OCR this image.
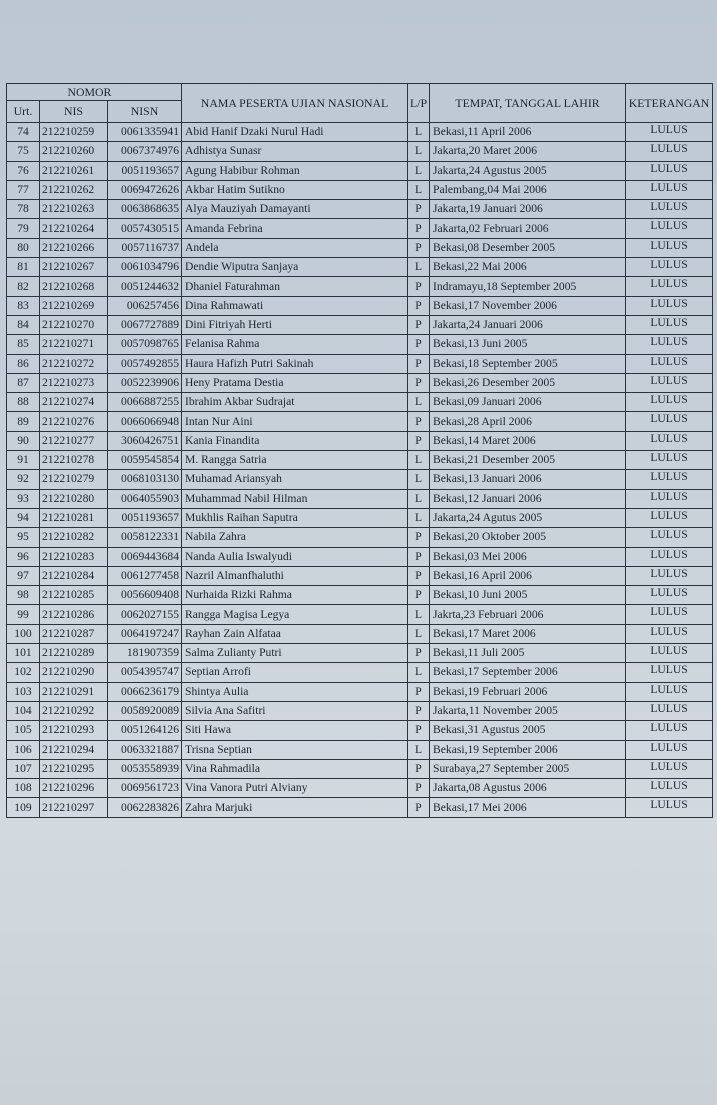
	NOMOR		NAMA PESERTA UJIAN NASIONAL	L/P	TEMPAT, TANGGAL LAHIR	KETERANGAN
Urt.	NIS	NISN				
74	212210259	0061335941	Abid Hanif Dzaki Nurul Hadi	L	Bekasi,11 April 2006	LULUS
75	212210260	0067374976	Adhistya Sunasr	L	Jakarta,20 Maret 2006	LULUS
76	212210261	0051193657	Agung Habibur Rohman	L	Jakarta,24 Agustus 2005	LULUS
77	212210262	0069472626	Akbar Hatim Sutikno	L	Palembang,04 Mai 2006	LULUS
78	212210263	0063868635	Alya Mauziyah Damayanti	P	Jakarta,19 Januari 2006	LULUS
79	212210264	0057430515	Amanda Febrina	P	Jakarta,02 Februari 2006	LULUS
80	212210266	0057116737	Andela	P	Bekasi,08 Desember 2005	LULUS
81	212210267	0061034796	Dendie Wiputra Sanjaya	L	Bekasi,22 Mai 2006	LULUS
82	212210268	0051244632	Dhaniel Faturahman	P	Indramayu,18 September 2005	LULUS
83	212210269	006257456	Dina Rahmawati	P	Bekasi,17 November 2006	LULUS
84	212210270	0067727889	Dini Fitriyah Herti	P	Jakarta,24 Januari 2006	LULUS
85	212210271	0057098765	Felanisa Rahma	P	Bekasi,13 Juni 2005	LULUS
86	212210272	0057492855	Haura Hafizh Putri Sakinah	P	Bekasi,18 September 2005	LULUS
87	212210273	0052239906	Heny Pratama Destia	P	Bekasi,26 Desember 2005	LULUS
88	212210274	0066887255	Ibrahim Akbar Sudrajat	L	Bekasi,09 Januari 2006	LULUS
89	212210276	0066066948	Intan Nur Aini	P	Bekasi,28 April 2006	LULUS
90	212210277	3060426751	Kania Finandita	P	Bekasi,14 Maret 2006	LULUS
91	212210278	0059545854	M. Rangga Satria	L	Bekasi,21 Desember 2005	LULUS
92	212210279	0068103130	Muhamad Ariansyah	L	Bekasi,13 Januari 2006	LULUS
93	212210280	0064055903	Muhammad Nabil Hilman	L	Bekasi,12 Januari 2006	LULUS
94	212210281	0051193657	Mukhlis Raihan Saputra	L	Jakarta,24 Agutus 2005	LULUS
95	212210282	0058122331	Nabila Zahra	P	Bekasi,20 Oktober 2005	LULUS
96	212210283	0069443684	Nanda Aulia Iswalyudi	P	Bekasi,03 Mei 2006	LULUS
97	212210284	0061277458	Nazril Almanfhaluthi	P	Bekasi,16 April 2006	LULUS
98	212210285	0056609408	Nurhaida Rizki Rahma	P	Bekasi,10 Juni 2005	LULUS
99	212210286	0062027155	Rangga Magisa Legya	L	Jakrta,23 Februari 2006	LULUS
100	212210287	0064197247	Rayhan Zain Alfataa	L	Bekasi,17 Maret 2006	LULUS
101	212210289	181907359	Salma Zulianty Putri	P	Bekasi,11 Juli 2005	LULUS
102	212210290	0054395747	Septian Arrofi	L	Bekasi,17 September 2006	LULUS
103	212210291	0066236179	Shintya Aulia	P	Bekasi,19 Februari 2006	LULUS
104	212210292	0058920089	Silvia Ana Safitri	P	Jakarta,11 November 2005	LULUS
105	212210293	0051264126	Siti Hawa	P	Bekasi,31 Agustus 2005	LULUS
106	212210294	0063321887	Trisna Septian	L	Bekasi,19 September 2006	LULUS
107	212210295	0053558939	Vina Rahmadila	P	Surabaya,27 September 2005	LULUS
108	212210296	0069561723	Vina Vanora Putri Alviany	P	Jakarta,08 Agustus 2006	LULUS
109	212210297	0062283826	Zahra Marjuki	P	Bekasi,17 Mei 2006	LULUS
